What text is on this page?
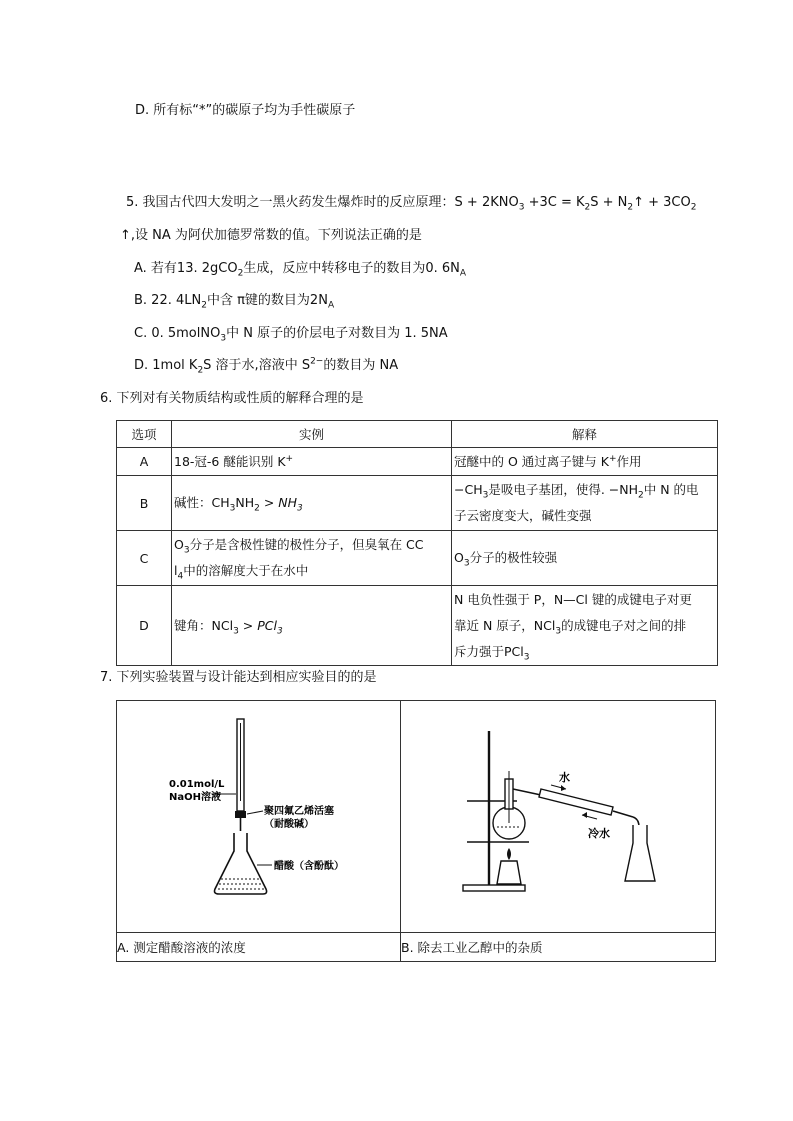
D. 所有标“*”的碳原子均为手性碳原子
5. 我国古代四大发明之一黑火药发生爆炸时的反应原理：$S + 2KNO_3 +3C = K_2S$ + $N_2↑ + 3CO_2$
↑,设 NA 为阿伏加德罗常数的值。下列说法正确的是
A. 若有13. 2gCO$_2$生成，反应中转移电子的数目为0. $6N_A$
B. 22. $4LN_2$中含 π键的数目为$2N_A$
C. 0. 5molNO$_3$中 N 原子的价层电子对数目为 1. 5NA
D. 1mol $K_2S$ 溶于水,溶液中 $S^{2-}$的数目为 NA
6. 下列对有关物质结构或性质的解释合理的是
选项	实例	解释
A	18-冠-6 醚能识别 K+	冠醚中的 O 通过离子键与 K+作用
B	碱性：$CH_3NH_2 > NH_3$	$-CH_3$是吸电子基团，使得. $-NH_2$中 N 的电
子云密度变大，碱性变强
C	$O_3$分子是含极性键的极性分子，但臭氧在 CC
$l_4$中的溶解度大于在水中	$O_3$分子的极性较强
D	键角：NCl$_3$ > PCl$_3$	N 电负性强于 P，N—Cl 键的成键电子对更
靠近 N 原子，NCl$_3$的成键电子对之间的排
斥力强于PCl$_3$
7. 下列实验装置与设计能达到相应实验目的的是
0.01mol/L
NaOH溶液
聚四氟乙烯活塞
（耐酸碱）
醋酸（含酚酞）	水
冷水

A. 测定醋酸溶液的浓度	B. 除去工业乙醇中的杂质
